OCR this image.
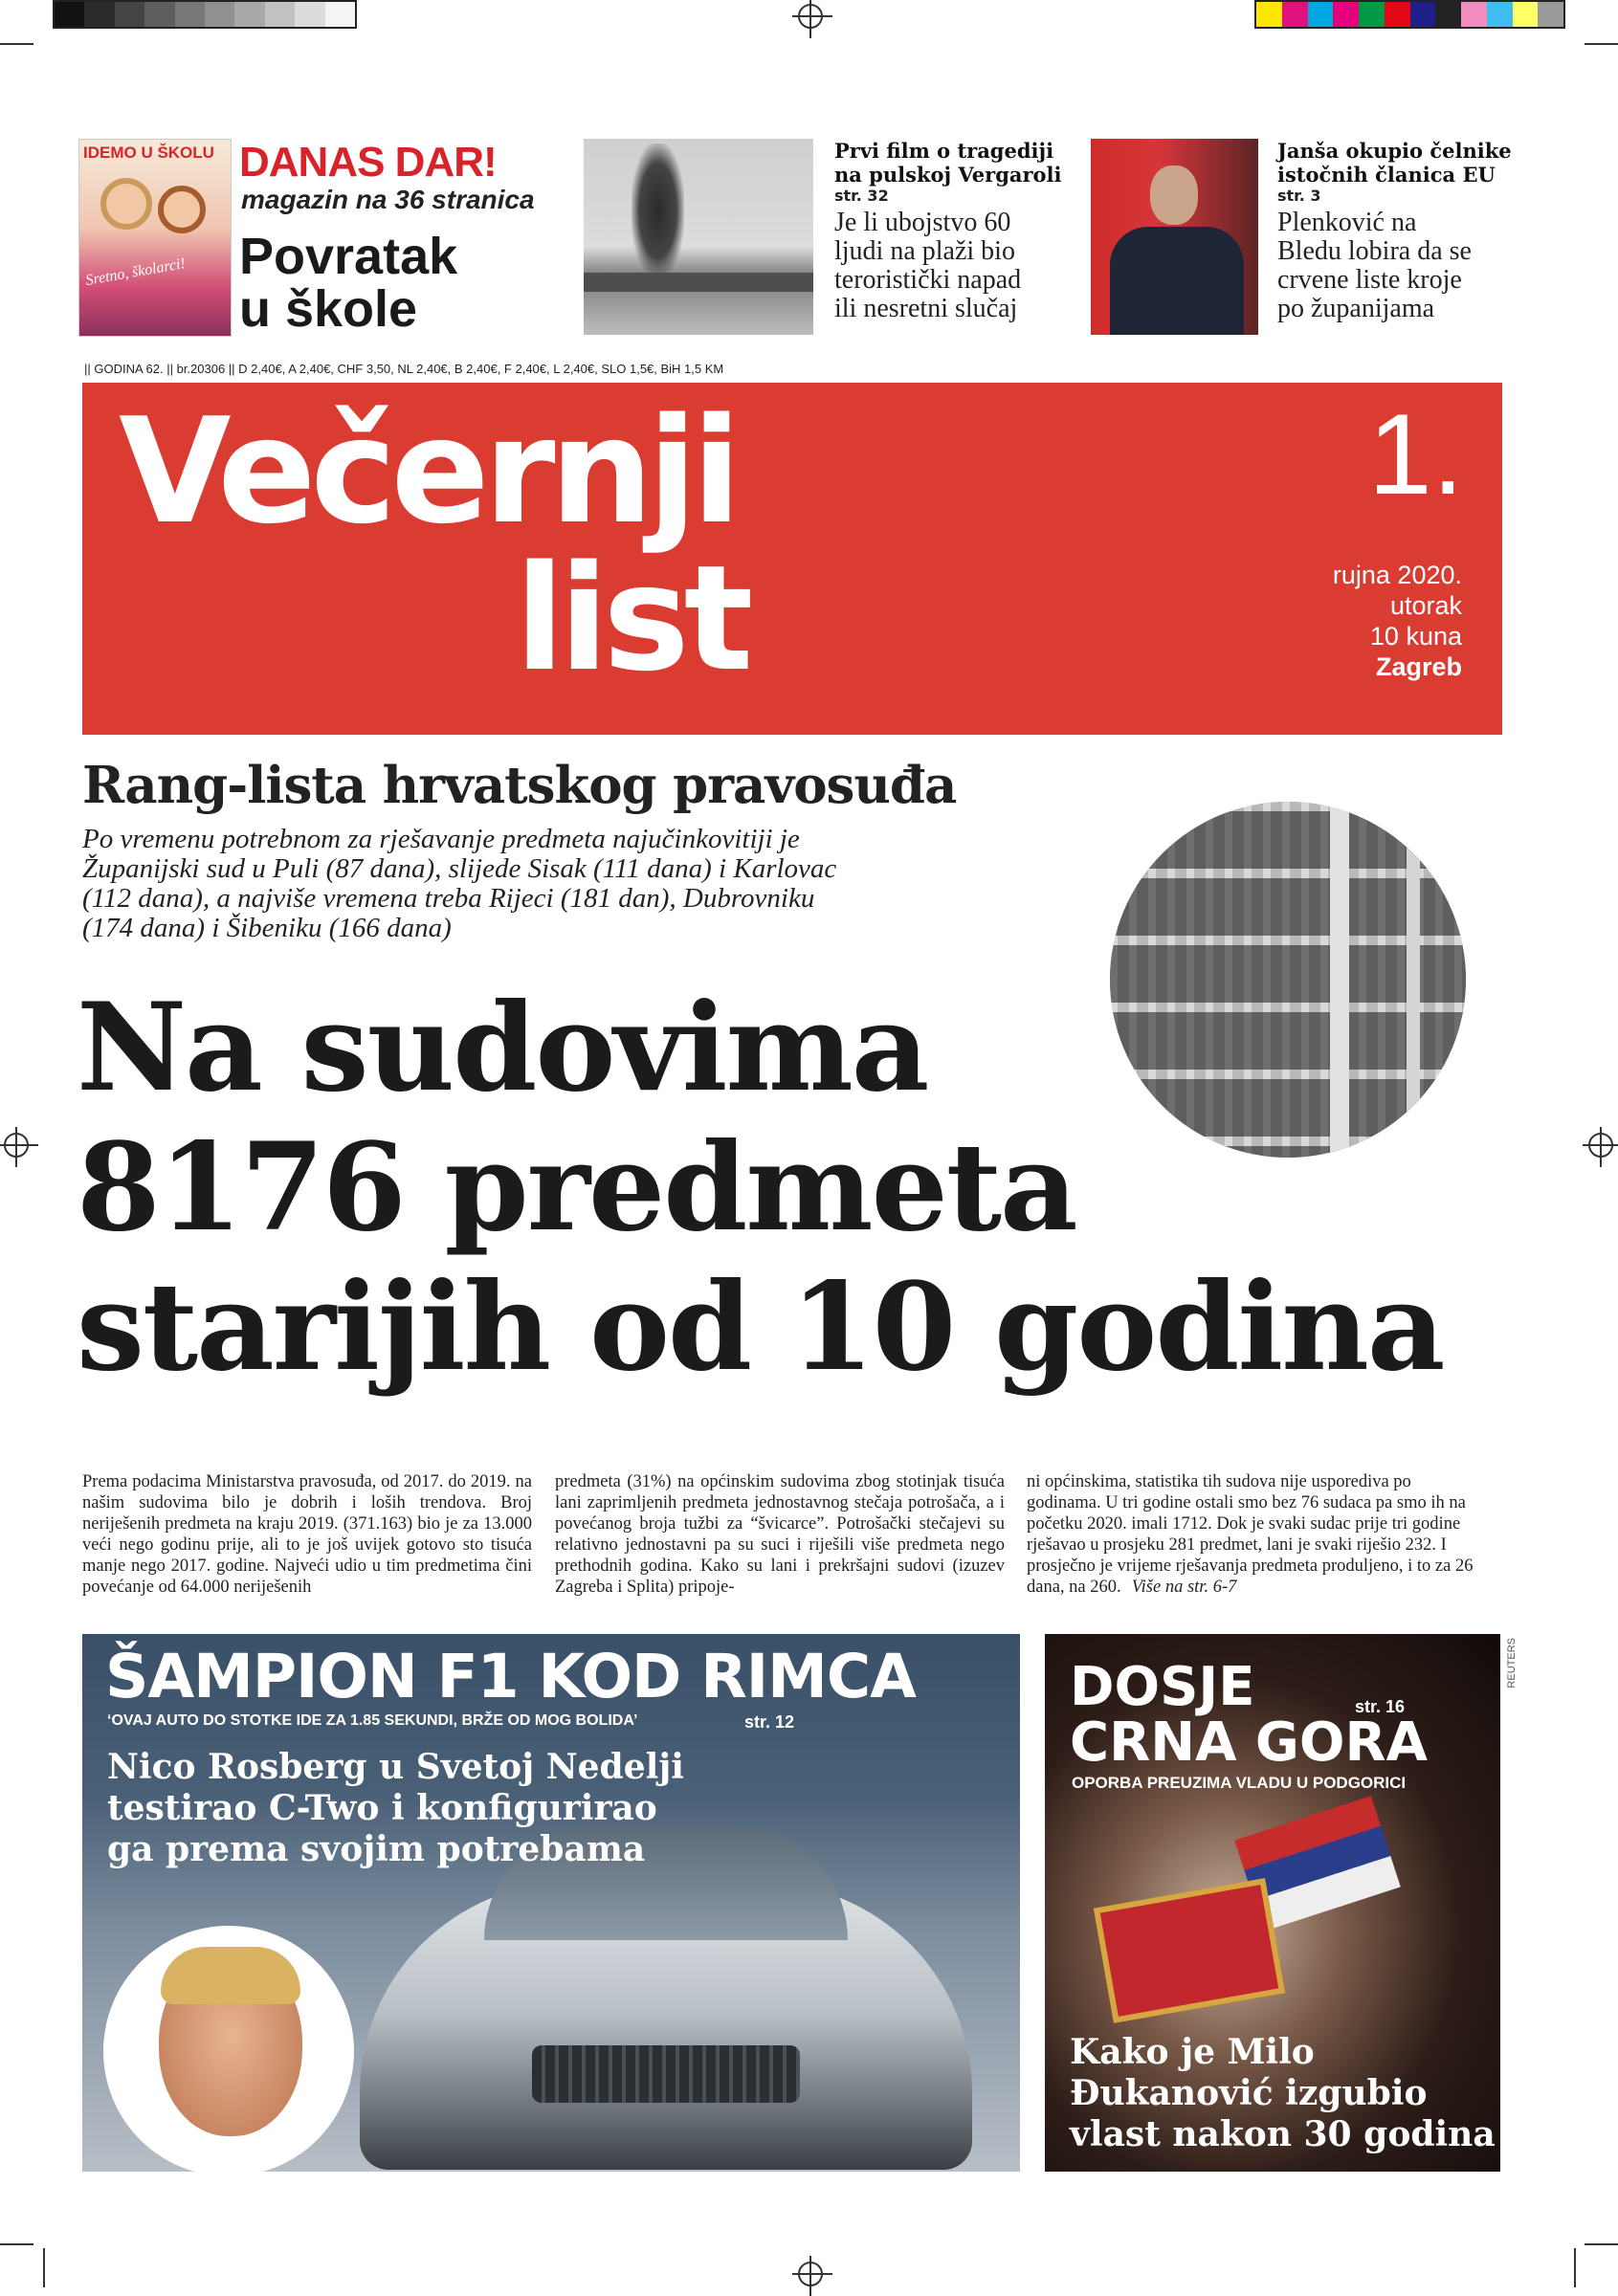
IDEMO U ŠKOLU
Sretno, školarci!
DANAS DAR!
magazin na 36 stranica
Povratak
u škole
Prvi film o tragediji
na pulskoj Vergaroli
str. 32
Je li ubojstvo 60
ljudi na plaži bio
teroristički napad
ili nesretni slučaj
Janša okupio čelnike
istočnih članica EU
str. 3
Plenković na
Bledu lobira da se
crvene liste kroje
po županijama
|| GODINA 62. || br.20306 || D 2,40€, A 2,40€, CHF 3,50, NL 2,40€, B 2,40€, F 2,40€, L 2,40€, SLO 1,5€, BiH 1,5 KM
Večernji
list
1.
rujna 2020.
utorak
10 kuna
Zagreb
Rang-lista hrvatskog pravosuđa
Po vremenu potrebnom za rješavanje predmeta najučinkovitiji je
Županijski sud u Puli (87 dana), slijede Sisak (111 dana) i Karlovac
(112 dana), a najviše vremena treba Rijeci (181 dan), Dubrovniku
(174 dana) i Šibeniku (166 dana)
Na sudovima
8176 predmeta
starijih od 10 godina
Prema podacima Ministarstva pravosuđa, od 2017. do 2019. na našim sudovima bilo je dobrih i loših trendova. Broj neriješenih predmeta na kraju 2019. (371.163) bio je za 13.000 veći nego godinu prije, ali to je još uvijek gotovo sto tisuća manje nego 2017. godine. Najveći udio u tim predmetima čini povećanje od 64.000 neriješenih
predmeta (31%) na općinskim sudovima zbog stotinjak tisuća lani zaprimljenih predmeta jednostavnog stečaja potrošača, a i povećanog broja tužbi za “švicarce”. Potrošački stečajevi su relativno jednostavni pa su suci i riješili više predmeta nego prethodnih godina. Kako su lani i prekršajni sudovi (izuzev Zagreba i Splita) pripoje-
ni općinskima, statistika tih sudova nije usporediva po godinama. U tri godine ostali smo bez 76 sudaca pa smo ih na početku 2020. imali 1712. Dok je svaki sudac prije tri godine rješavao u prosjeku 281 predmet, lani je svaki riješio 232. I prosječno je vrijeme rješavanja predmeta produljeno, i to za 26 dana, na 260. Više na str. 6-7
ŠAMPION F1 KOD RIMCA
‘OVAJ AUTO DO STOTKE IDE ZA 1.85 SEKUNDI, BRŽE OD MOG BOLIDA’	str. 12
Nico Rosberg u Svetoj Nedelji
testirao C-Two i konfigurirao
ga prema svojim potrebama
DOSJE	str. 16
CRNA GORA
OPORBA PREUZIMA VLADU U PODGORICI
Kako je Milo
Đukanović izgubio
vlast nakon 30 godina
REUTERS
